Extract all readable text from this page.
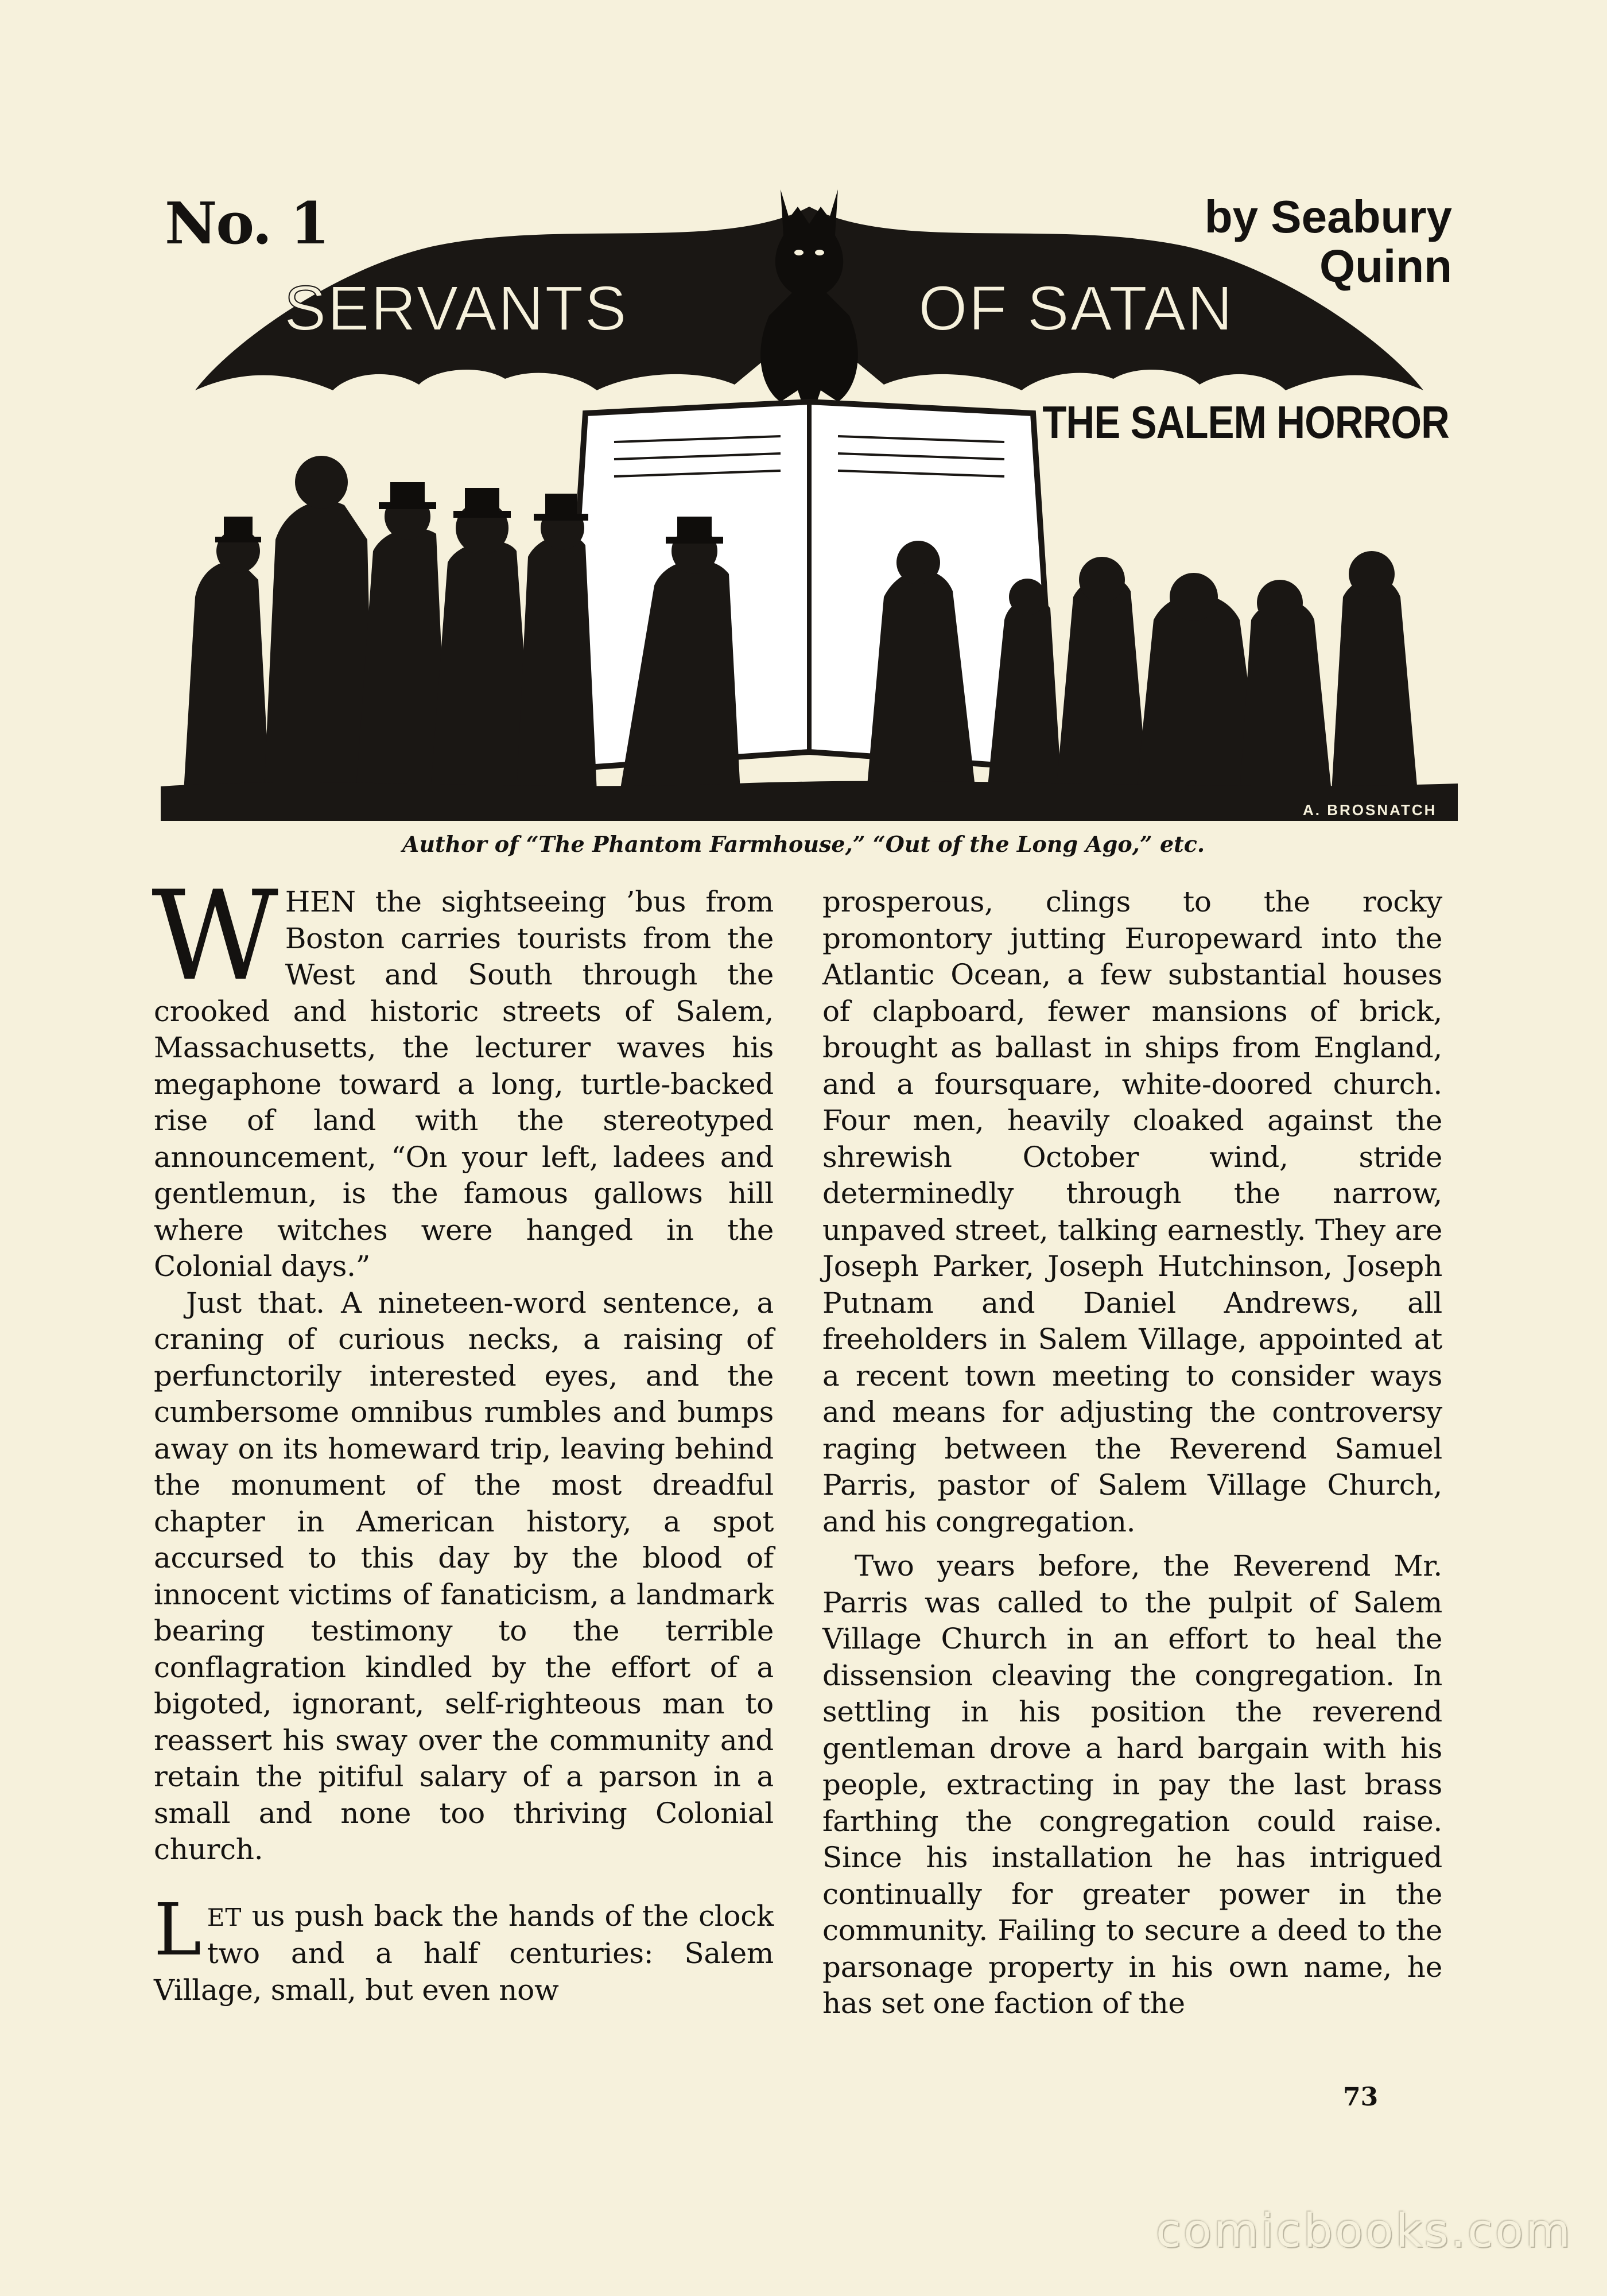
SERVANTS	OF SATAN
A. BROSNATCH
No. 1	by Seabury Quinn
THE SALEM HORROR
Author of “The Phantom Farmhouse,” “Out of the Long Ago,” etc.

WHEN the sightseeing ’bus from Boston carries tourists from the West and South through the crooked and historic streets of Salem, Massachusetts, the lecturer waves his megaphone toward a long, turtle-backed rise of land with the stereotyped announcement, “On your left, ladees and gentlemun, is the famous gallows hill where witches were hanged in the Colonial days.”

Just that. A nineteen-word sentence, a craning of curious necks, a raising of perfunctorily interested eyes, and the cumbersome omnibus rumbles and bumps away on its homeward trip, leaving behind the monument of the most dreadful chapter in American history, a spot accursed to this day by the blood of innocent victims of fanaticism, a landmark bearing testimony to the terrible conflagration kindled by the effort of a bigoted, ignorant, self-righteous man to reassert his sway over the community and retain the pitiful salary of a parson in a small and none too thriving Colonial church.

LET us push back the hands of the clock two and a half centuries: Salem Village, small, but even now

prosperous, clings to the rocky promontory jutting Europeward into the Atlantic Ocean, a few substantial houses of clapboard, fewer mansions of brick, brought as ballast in ships from England, and a foursquare, white-doored church. Four men, heavily cloaked against the shrewish October wind, stride determinedly through the narrow, unpaved street, talking earnestly. They are Joseph Parker, Joseph Hutchinson, Joseph Putnam and Daniel Andrews, all freeholders in Salem Village, appointed at a recent town meeting to consider ways and means for adjusting the controversy raging between the Reverend Samuel Parris, pastor of Salem Village Church, and his congregation.

Two years before, the Reverend Mr. Parris was called to the pulpit of Salem Village Church in an effort to heal the dissension cleaving the congregation. In settling in his position the reverend gentleman drove a hard bargain with his people, extracting in pay the last brass farthing the congregation could raise. Since his installation he has intrigued continually for greater power in the community. Failing to secure a deed to the parsonage property in his own name, he has set one faction of the

73
comicbooks.com
